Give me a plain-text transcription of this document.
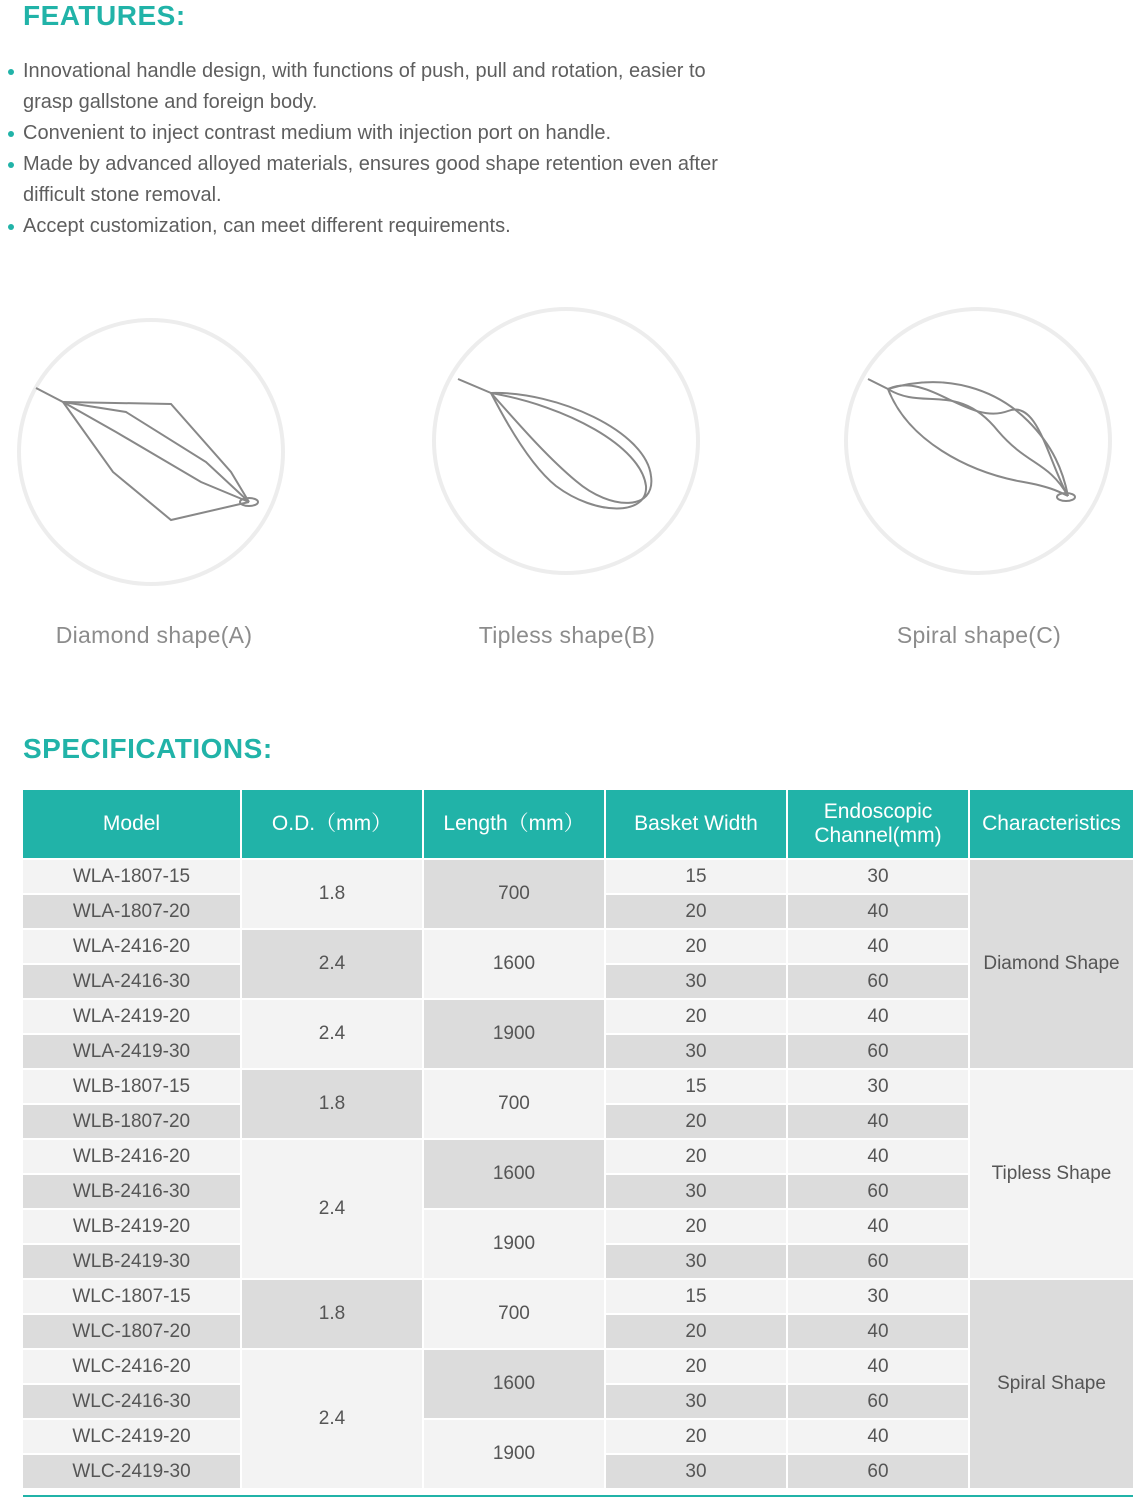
FEATURES:
Innovational handle design, with functions of push, pull and rotation, easier to grasp gallstone and foreign body.
Convenient to inject contrast medium with injection port on handle.
Made by advanced alloyed materials, ensures good shape retention even after difficult stone removal.
Accept customization, can meet different requirements.
Diamond shape(A)	Tipless shape(B)	Spiral shape(C)
SPECIFICATIONS:
Model	O.D.（mm）	Length（mm）	Basket Width	Endoscopic Channel(mm)	Characteristics
WLA-1807-15	1.8	700	15	30	Diamond Shape
WLA-1807-20			20	40	
WLA-2416-20	2.4	1600	20	40	
WLA-2416-30			30	60	
WLA-2419-20	2.4	1900	20	40	
WLA-2419-30			30	60	
WLB-1807-15	1.8	700	15	30	Tipless Shape
WLB-1807-20			20	40	
WLB-2416-20	2.4	1600	20	40	
WLB-2416-30			30	60	
WLB-2419-20		1900	20	40	
WLB-2419-30			30	60	
WLC-1807-15	1.8	700	15	30	Spiral Shape
WLC-1807-20			20	40	
WLC-2416-20	2.4	1600	20	40	
WLC-2416-30			30	60	
WLC-2419-20		1900	20	40	
WLC-2419-30			30	60	
